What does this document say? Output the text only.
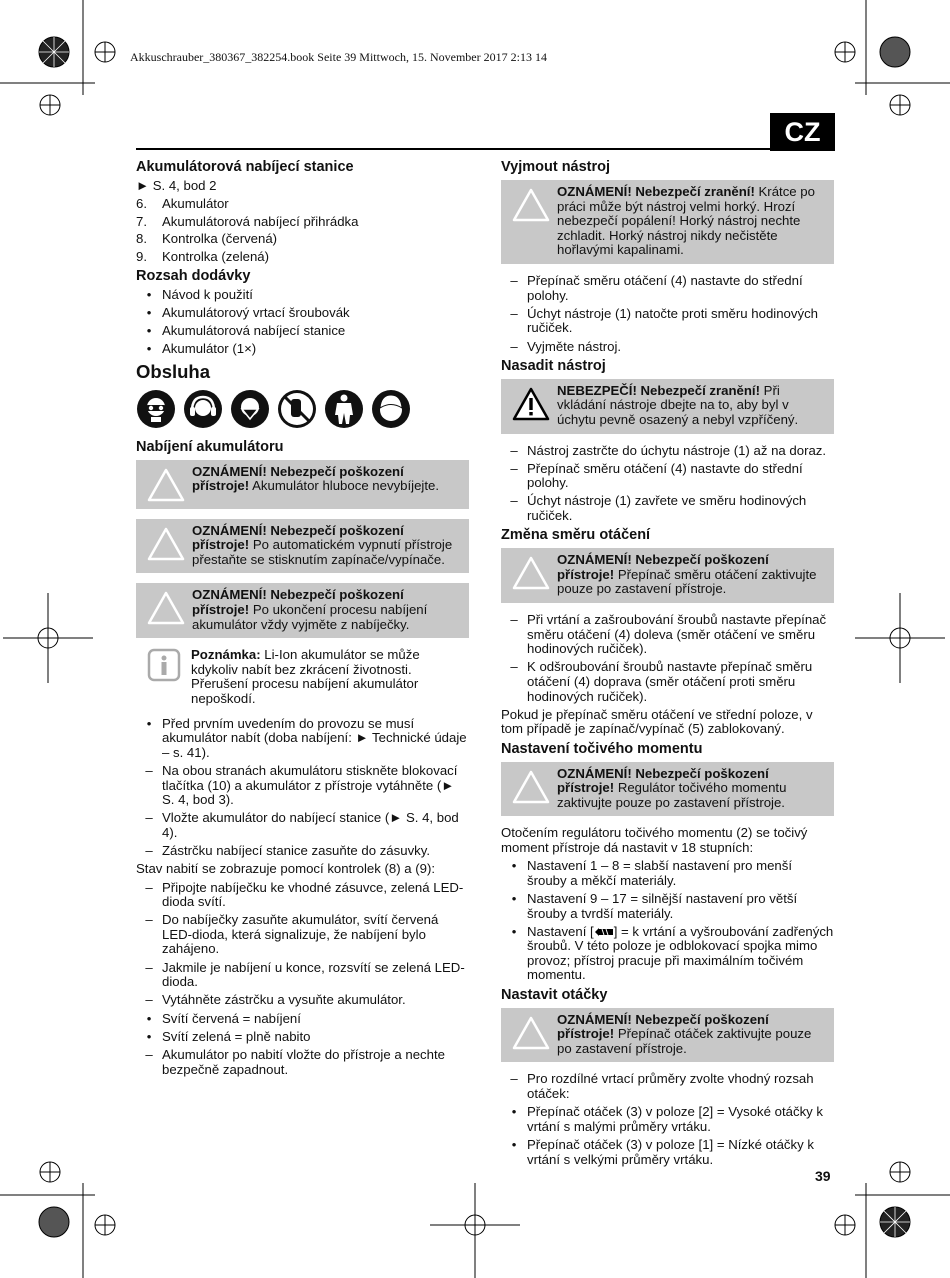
Akkuschrauber_380367_382254.book Seite 39 Mittwoch, 15. November 2017 2:13 14
CZ
Akumulátorová nabíjecí stanice
► S. 4, bod 2
6.	Akumulátor
7.	Akumulátorová nabíjecí přihrádka
8.	Kontrolka (červená)
9.	Kontrolka (zelená)
Rozsah dodávky
• Návod k použití
• Akumulátorový vrtací šroubovák
• Akumulátorová nabíjecí stanice
• Akumulátor (1×)
Obsluha
Nabíjení akumulátoru
OZNÁMENÍ! Nebezpečí poškození přístroje! Akumulátor hluboce nevybíjejte.
OZNÁMENÍ! Nebezpečí poškození přístroje! Po automatickém vypnutí přístroje přestaňte se stisknutím zapínače/vypínače.
OZNÁMENÍ! Nebezpečí poškození přístroje! Po ukončení procesu nabíjení akumulátor vždy vyjměte z nabíječky.
Poznámka: Li-Ion akumulátor se může kdykoliv nabít bez zkrácení životnosti. Přerušení procesu nabíjení akumulátor nepoškodí.
• Před prvním uvedením do provozu se musí akumulátor nabít (doba nabíjení: ► Technické údaje – s. 41).
– Na obou stranách akumulátoru stiskněte blokovací tlačítka (10) a akumulátor z přístroje vytáhněte (► S. 4, bod 3).
– Vložte akumulátor do nabíjecí stanice (► S. 4, bod 4).
– Zástrčku nabíjecí stanice zasuňte do zásuvky.
Stav nabití se zobrazuje pomocí kontrolek (8) a (9):
– Připojte nabíječku ke vhodné zásuvce, zelená LED-dioda svítí.
– Do nabíječky zasuňte akumulátor, svítí červená LED-dioda, která signalizuje, že nabíjení bylo zahájeno.
– Jakmile je nabíjení u konce, rozsvítí se zelená LED-dioda.
– Vytáhněte zástrčku a vysuňte akumulátor.
• Svítí červená = nabíjení
• Svítí zelená = plně nabito
– Akumulátor po nabití vložte do přístroje a nechte bezpečně zapadnout.
Vyjmout nástroj
OZNÁMENÍ! Nebezpečí zranění! Krátce po práci může být nástroj velmi horký. Hrozí nebezpečí popálení! Horký nástroj nechte zchladit. Horký nástroj nikdy nečistěte hořlavými kapalinami.
– Přepínač směru otáčení (4) nastavte do střední polohy.
– Úchyt nástroje (1) natočte proti směru hodinových ručiček.
– Vyjměte nástroj.
Nasadit nástroj
NEBEZPEČÍ! Nebezpečí zranění! Při vkládání nástroje dbejte na to, aby byl v úchytu pevně osazený a nebyl vzpříčený.
– Nástroj zastrčte do úchytu nástroje (1) až na doraz.
– Přepínač směru otáčení (4) nastavte do střední polohy.
– Úchyt nástroje (1) zavřete ve směru hodinových ručiček.
Změna směru otáčení
OZNÁMENÍ! Nebezpečí poškození přístroje! Přepínač směru otáčení zaktivujte pouze po zastavení přístroje.
– Při vrtání a zašroubování šroubů nastavte přepínač směru otáčení (4) doleva (směr otáčení ve směru hodinových ručiček).
– K odšroubování šroubů nastavte přepínač směru otáčení (4) doprava (směr otáčení proti směru hodinových ručiček).
Pokud je přepínač směru otáčení ve střední poloze, v tom případě je zapínač/vypínač (5) zablokovaný.
Nastavení točivého momentu
OZNÁMENÍ! Nebezpečí poškození přístroje! Regulátor točivého momentu zaktivujte pouze po zastavení přístroje.
Otočením regulátoru točivého momentu (2) se točivý moment přístroje dá nastavit v 18 stupních:
• Nastavení 1 – 8 = slabší nastavení pro menší šrouby a měkčí materiály.
• Nastavení 9 – 17 = silnější nastavení pro větší šrouby a tvrdší materiály.
• Nastavení [ ] = k vrtání a vyšroubování zadřených šroubů. V této poloze je odblokovací spojka mimo provoz; přístroj pracuje při maximálním točivém momentu.
Nastavit otáčky
OZNÁMENÍ! Nebezpečí poškození přístroje! Přepínač otáček zaktivujte pouze po zastavení přístroje.
– Pro rozdílné vrtací průměry zvolte vhodný rozsah otáček:
• Přepínač otáček (3) v poloze [2] = Vysoké otáčky k vrtání s malými průměry vrtáku.
• Přepínač otáček (3) v poloze [1] = Nízké otáčky k vrtání s velkými průměry vrtáku.
39
